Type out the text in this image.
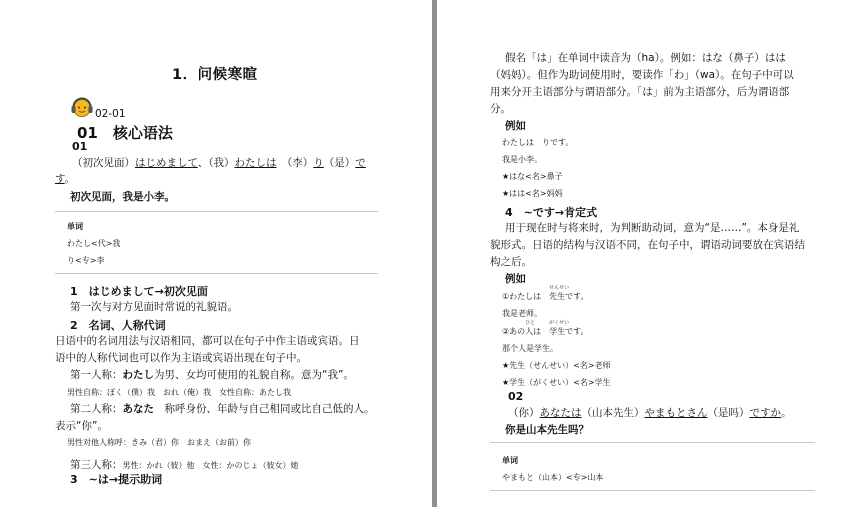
1．问候寒暄
02-01
01　核心语法
01
（初次见面）はじめまして、（我）わたしは　（李）り（是）で
す。
初次见面，我是小李。
单词
わたし<代>我
り<专>李
1　はじめまして→初次见面
第一次与对方见面时常说的礼貌语。
2　名词、人称代词
日语中的名词用法与汉语相同，都可以在句子中作主语或宾语。日
语中的人称代词也可以作为主语或宾语出现在句子中。
第一人称：わたし为男、女均可使用的礼貌自称。意为“我”。
男性自称：ぼく（僕）我　おれ（俺）我　女性自称：あたし我
第二人称：あなた　称呼身份、年龄与自己相同或比自己低的人。
表示“你”。
男性对他人称呼：きみ（君）你　おまえ（お前）你
第三人称：男性：かれ（彼）他　女性：かのじょ（彼女）她
3　~は→提示助词
假名「は」在单词中读音为（ha）。例如：はな（鼻子）はは
（妈妈）。但作为助词使用时，要读作「わ」（wa）。在句子中可以
用来分开主语部分与谓语部分。「は」前为主语部分，后为谓语部
分。
例如
わたしは　りです。
我是小李。
★はな<名>鼻子
★はは<名>妈妈
4　~です→肯定式
用于现在时与将来时，为判断助动词，意为“是……”。本身是礼
貌形式。日语的结构与汉语不同，在句子中，谓语动词要放在宾语结
构之后。
例如
①わたしは　
せんせい
先生です。
我是老师。
②あの
ひと
人は　
がくせい
学生です。
那个人是学生。
★先生（せんせい）<名>老师
★学生（がくせい）<名>学生
02
（你）あなたは（山本先生）やまもとさん（是吗）ですか。
你是山本先生吗？
单词
やまもと（山本）<专>山本
